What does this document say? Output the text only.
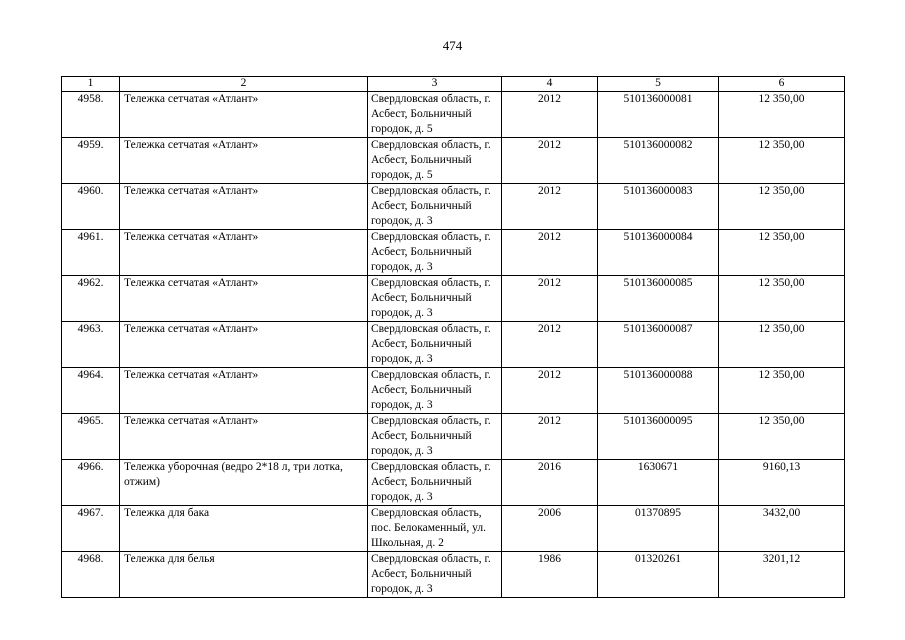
474
1	2	3	4	5	6
4958.	Тележка сетчатая «Атлант»	Свердловская область, г. Асбест, Больничный городок, д. 5	2012	510136000081	12 350,00
4959.	Тележка сетчатая «Атлант»	Свердловская область, г. Асбест, Больничный городок, д. 5	2012	510136000082	12 350,00
4960.	Тележка сетчатая «Атлант»	Свердловская область, г. Асбест, Больничный городок, д. 3	2012	510136000083	12 350,00
4961.	Тележка сетчатая «Атлант»	Свердловская область, г. Асбест, Больничный городок, д. 3	2012	510136000084	12 350,00
4962.	Тележка сетчатая «Атлант»	Свердловская область, г. Асбест, Больничный городок, д. 3	2012	510136000085	12 350,00
4963.	Тележка сетчатая «Атлант»	Свердловская область, г. Асбест, Больничный городок, д. 3	2012	510136000087	12 350,00
4964.	Тележка сетчатая «Атлант»	Свердловская область, г. Асбест, Больничный городок, д. 3	2012	510136000088	12 350,00
4965.	Тележка сетчатая «Атлант»	Свердловская область, г. Асбест, Больничный городок, д. 3	2012	510136000095	12 350,00
4966.	Тележка уборочная (ведро 2*18 л, три лотка, отжим)	Свердловская область, г. Асбест, Больничный городок, д. 3	2016	1630671	9160,13
4967.	Тележка для бака	Свердловская область, пос. Белокаменный, ул. Школьная, д. 2	2006	01370895	3432,00
4968.	Тележка для белья	Свердловская область, г. Асбест, Больничный городок, д. 3	1986	01320261	3201,12
